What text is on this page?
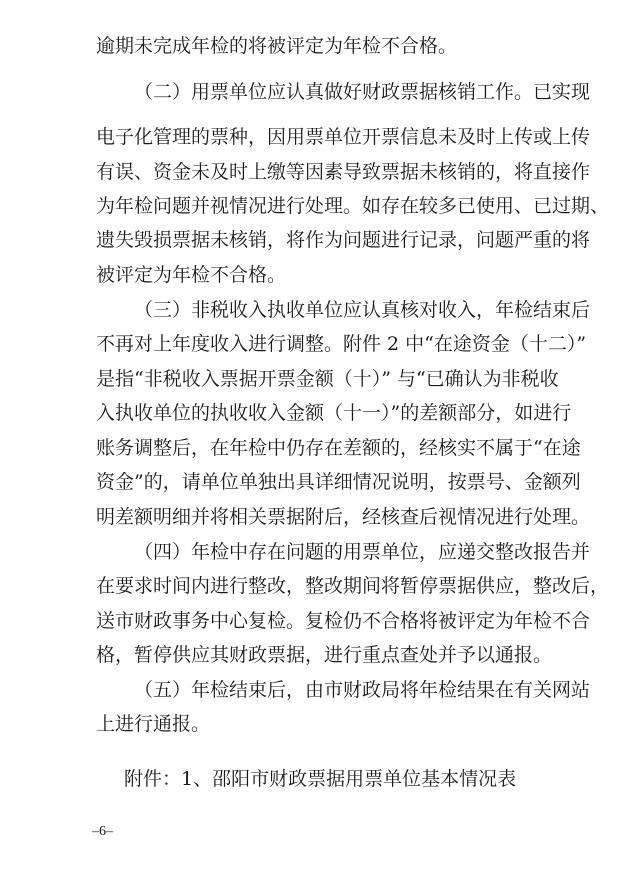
逾期未完成年检的将被评定为年检不合格。
（二）用票单位应认真做好财政票据核销工作。已实现
电子化管理的票种，因用票单位开票信息未及时上传或上传
有误、资金未及时上缴等因素导致票据未核销的，将直接作
为年检问题并视情况进行处理。如存在较多已使用、已过期、
遗失毁损票据未核销，将作为问题进行记录，问题严重的将
被评定为年检不合格。
（三）非税收入执收单位应认真核对收入，年检结束后
不再对上年度收入进行调整。附件 2 中“在途资金（十二）”
是指“非税收入票据开票金额（十）” 与“已确认为非税收
入执收单位的执收收入金额（十一）”的差额部分，如进行
账务调整后，在年检中仍存在差额的，经核实不属于“在途
资金”的，请单位单独出具详细情况说明，按票号、金额列
明差额明细并将相关票据附后，经核查后视情况进行处理。
（四）年检中存在问题的用票单位，应递交整改报告并
在要求时间内进行整改，整改期间将暂停票据供应，整改后，
送市财政事务中心复检。复检仍不合格将被评定为年检不合
格，暂停供应其财政票据，进行重点查处并予以通报。
（五）年检结束后，由市财政局将年检结果在有关网站
上进行通报。
附件：1、邵阳市财政票据用票单位基本情况表
–6–
